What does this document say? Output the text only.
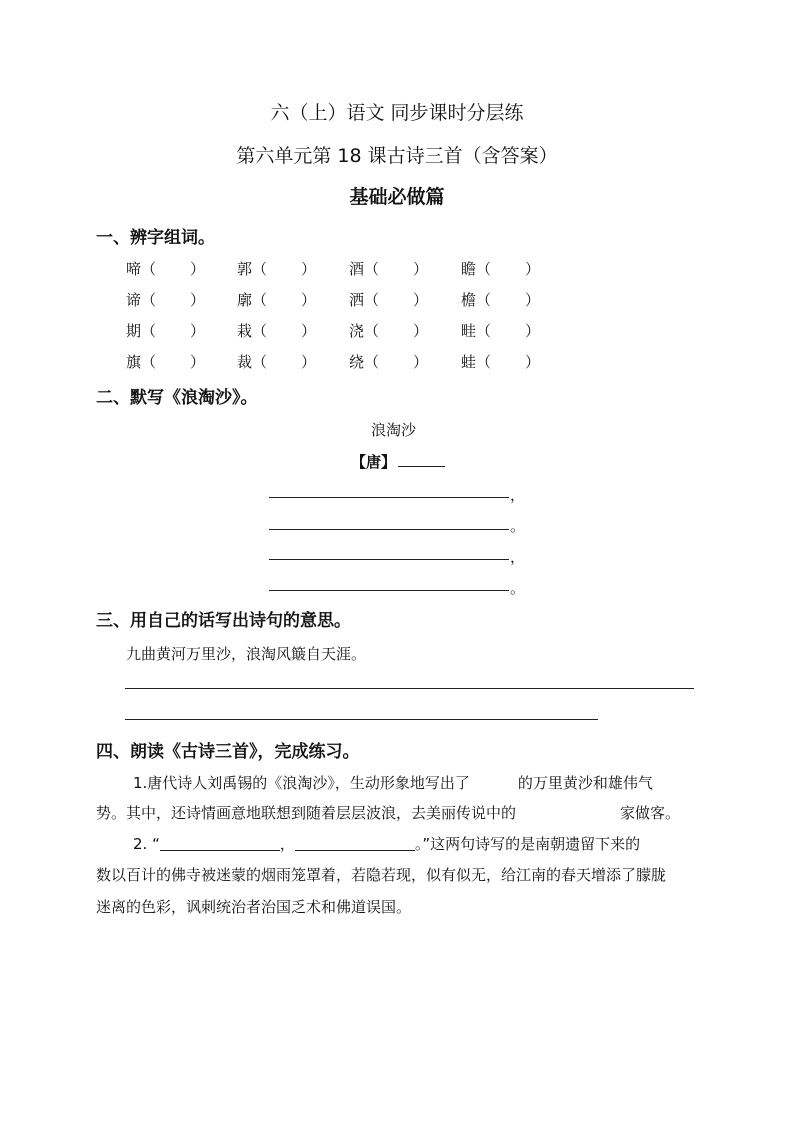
六（上）语文 同步课时分层练
第六单元第 18 课古诗三首（含答案）
基础必做篇
一、辨字组词。
啼（ ） 郭（ ） 酒（ ） 瞻（ ）
谛（ ） 廓（ ） 洒（ ） 檐（ ）
期（ ） 栽（ ） 浇（ ） 畦（ ）
旗（ ） 裁（ ） 绕（ ） 蛙（ ）
二、默写《浪淘沙》。
浪淘沙
【唐】
，
。
，
。
三、用自己的话写出诗句的意思。
九曲黄河万里沙，浪淘风簸自天涯。
四、朗读《古诗三首》，完成练习。
1.唐代诗人刘禹锡的《浪淘沙》，生动形象地写出了	的万里黄沙和雄伟气
势。其中，还诗情画意地联想到随着层层波浪，去美丽传说中的	家做客。
2. “	，	。”这两句诗写的是南朝遗留下来的
数以百计的佛寺被迷蒙的烟雨笼罩着，若隐若现，似有似无，给江南的春天增添了朦胧
迷离的色彩，讽刺统治者治国乏术和佛道误国。
